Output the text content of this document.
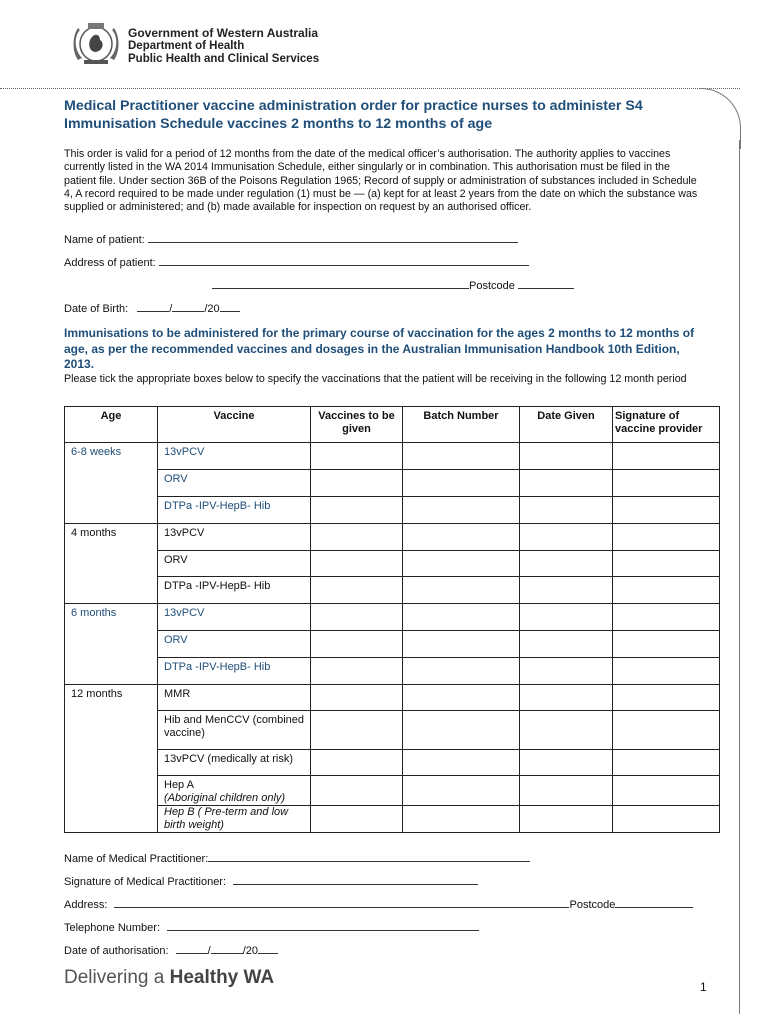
Government of Western Australia
Department of Health
Public Health and Clinical Services
Medical Practitioner vaccine administration order for practice nurses to administer S4 Immunisation Schedule vaccines 2 months to 12 months of age
This order is valid for a period of 12 months from the date of the medical officer’s authorisation. The authority applies to vaccines currently listed in the WA 2014 Immunisation Schedule, either singularly or in combination. This authorisation must be filed in the patient file. Under section 36B of the Poisons Regulation 1965; Record of supply or administration of substances included in Schedule 4, A record required to be made under regulation (1) must be — (a) kept for at least 2 years from the date on which the substance was supplied or administered; and (b) made available for inspection on request by an authorised officer.
Name of patient:
Address of patient:
Postcode
Date of Birth:	/	/20
Immunisations to be administered for the primary course of vaccination for the ages 2 months to 12 months of age, as per the recommended vaccines and dosages in the Australian Immunisation Handbook 10th Edition, 2013.
Please tick the appropriate boxes below to specify the vaccinations that the patient will be receiving in the following 12 month period
Age	Vaccine	Vaccines to be given	Batch Number	Date Given	Signature of vaccine provider
6-8 weeks	13vPCV				
	ORV				
	DTPa -IPV-HepB- Hib				
4 months	13vPCV				
	ORV				
	DTPa -IPV-HepB- Hib				
6 months	13vPCV				
	ORV				
	DTPa -IPV-HepB- Hib				
12 months	MMR				
	Hib and MenCCV (combined vaccine)				
	13vPCV (medically at risk)				

	Hep A
(Aboriginal children only)				

	Hep B ( Pre-term and low birth weight)				
Name of Medical Practitioner:
Signature of Medical Practitioner:
Address:	Postcode
Telephone Number:
Date of authorisation:	/	/20
Delivering a Healthy WA	1
